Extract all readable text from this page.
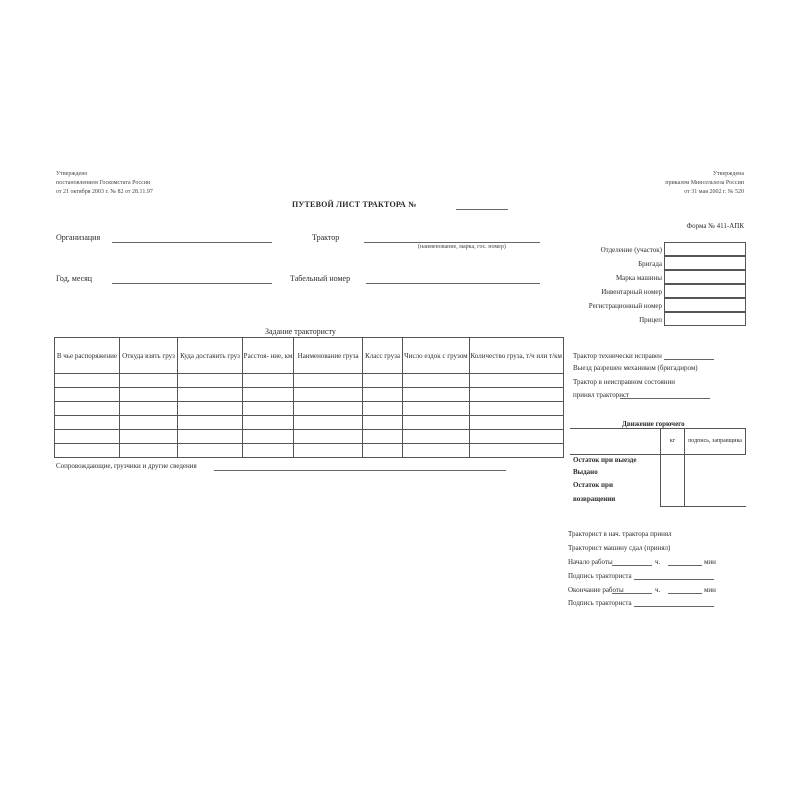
Утверждено
постановлением Госкомстата России
от 21 октября 2003 г. № 82 от 28.11.97
Утверждена
приказом Минсельхоза России
от 31 мая 2002 г. № 520
ПУТЕВОЙ ЛИСТ ТРАКТОРА №
Форма № 411-АПК
Организация	Трактор
(наименование, марка, гос. номер)
Год, месяц	Табельный номер
Отделение (участок)
Бригада
Марка машины
Инвентарный номер
Регистрационный номер
Прицеп
Задание трактористу
В чье распоряжение	Откуда взять груз	Куда доставить груз	Расстоя- ние, км	Наименование груза	Класс груза	Число ездок с грузом	Количество груза, т/ч или т/км

Сопровождающие, грузчики и другие сведения
Трактор технически исправен
Выезд разрешен механиком (бригадиром)
Трактор в неисправном состоянии
принял тракторист
Движение горючего
	кг	подпись, заправщика
Остаток при выезде		
Выдано		
Остаток при		
возвращении		
Тракторист в нач. трактора принял
Тракторист машину сдал (принял)
Начало работы	ч.	мин
Подпись тракториста
Окончание работы	ч.	мин
Подпись тракториста
